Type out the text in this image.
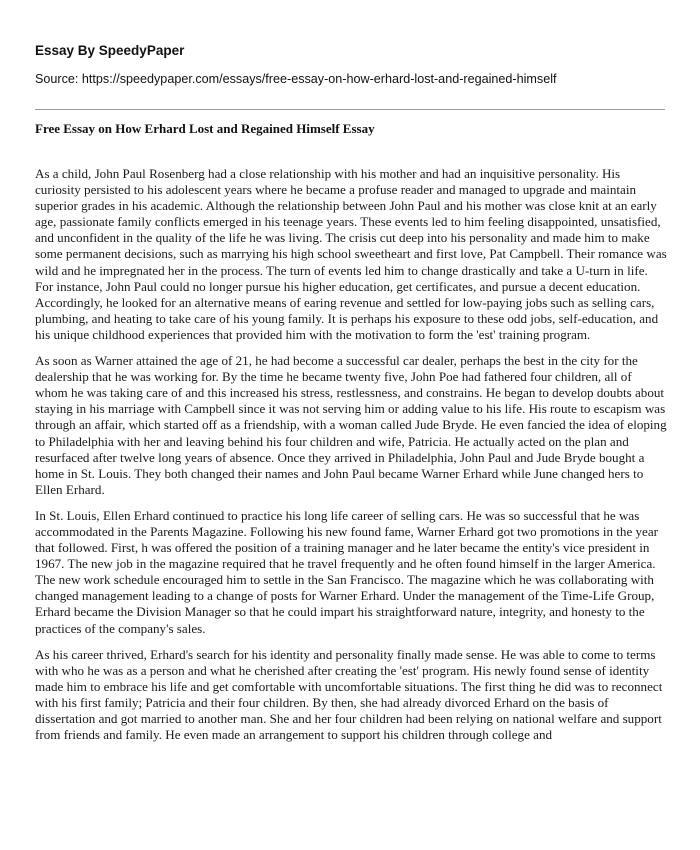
Essay By SpeedyPaper
Source: https://speedypaper.com/essays/free-essay-on-how-erhard-lost-and-regained-himself
Free Essay on How Erhard Lost and Regained Himself Essay

As a child, John Paul Rosenberg had a close relationship with his mother and had an inquisitive personality. His curiosity persisted to his adolescent years where he became a profuse reader and managed to upgrade and maintain superior grades in his academic. Although the relationship between John Paul and his mother was close knit at an early age, passionate family conflicts emerged in his teenage years. These events led to him feeling disappointed, unsatisfied, and unconfident in the quality of the life he was living. The crisis cut deep into his personality and made him to make some permanent decisions, such as marrying his high school sweetheart and first love, Pat Campbell. Their romance was wild and he impregnated her in the process. The turn of events led him to change drastically and take a U-turn in life. For instance, John Paul could no longer pursue his higher education, get certificates, and pursue a decent education. Accordingly, he looked for an alternative means of earing revenue and settled for low-paying jobs such as selling cars, plumbing, and heating to take care of his young family. It is perhaps his exposure to these odd jobs, self-education, and his unique childhood experiences that provided him with the motivation to form the 'est' training program.

As soon as Warner attained the age of 21, he had become a successful car dealer, perhaps the best in the city for the dealership that he was working for. By the time he became twenty five, John Poe had fathered four children, all of whom he was taking care of and this increased his stress, restlessness, and constrains. He began to develop doubts about staying in his marriage with Campbell since it was not serving him or adding value to his life. His route to escapism was through an affair, which started off as a friendship, with a woman called Jude Bryde. He even fancied the idea of eloping to Philadelphia with her and leaving behind his four children and wife, Patricia. He actually acted on the plan and resurfaced after twelve long years of absence. Once they arrived in Philadelphia, John Paul and Jude Bryde bought a home in St. Louis. They both changed their names and John Paul became Warner Erhard while June changed hers to Ellen Erhard.

In St. Louis, Ellen Erhard continued to practice his long life career of selling cars. He was so successful that he was accommodated in the Parents Magazine. Following his new found fame, Warner Erhard got two promotions in the year that followed. First, h was offered the position of a training manager and he later became the entity's vice president in 1967. The new job in the magazine required that he travel frequently and he often found himself in the larger America. The new work schedule encouraged him to settle in the San Francisco. The magazine which he was collaborating with changed management leading to a change of posts for Warner Erhard. Under the management of the Time-Life Group, Erhard became the Division Manager so that he could impart his straightforward nature, integrity, and honesty to the practices of the company's sales.

As his career thrived, Erhard's search for his identity and personality finally made sense. He was able to come to terms with who he was as a person and what he cherished after creating the 'est' program. His newly found sense of identity made him to embrace his life and get comfortable with uncomfortable situations. The first thing he did was to reconnect with his first family; Patricia and their four children. By then, she had already divorced Erhard on the basis of dissertation and got married to another man. She and her four children had been relying on national welfare and support from friends and family. He even made an arrangement to support his children through college and
